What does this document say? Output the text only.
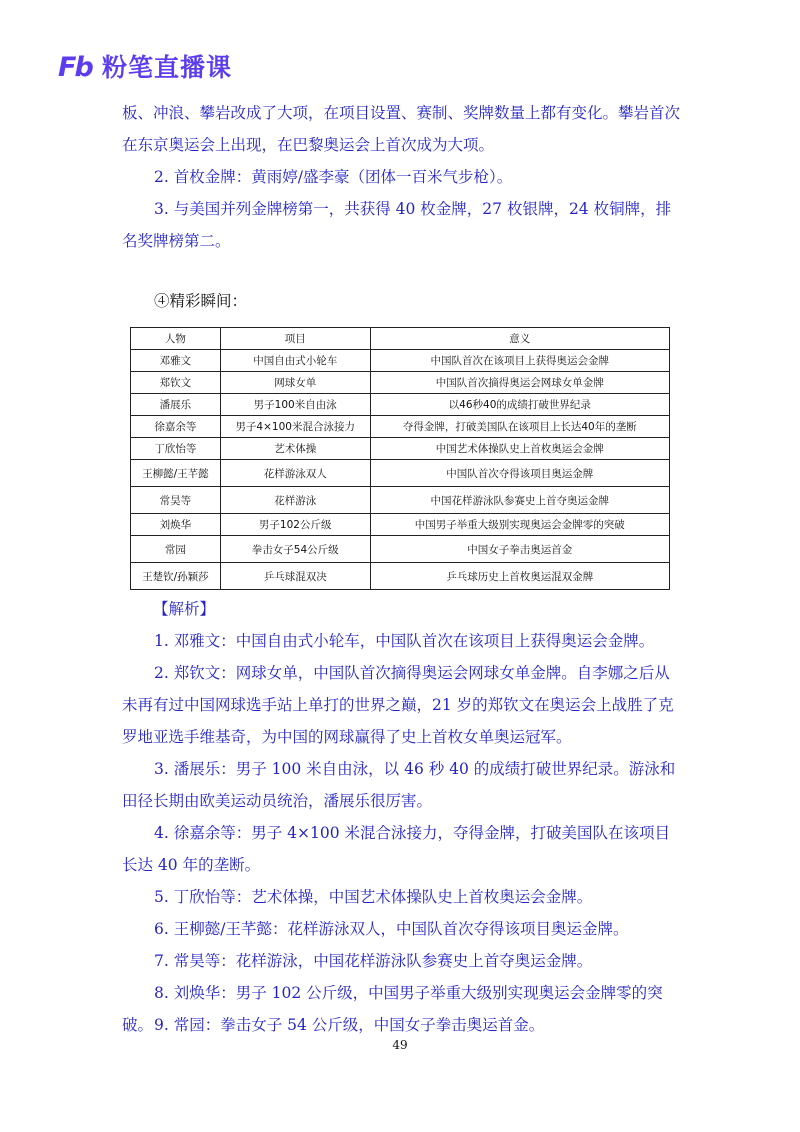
Fb 粉笔直播课

板、冲浪、攀岩改成了大项，在项目设置、赛制、奖牌数量上都有变化。攀岩首次在东京奥运会上出现，在巴黎奥运会上首次成为大项。

2. 首枚金牌：黄雨婷/盛李豪（团体一百米气步枪）。

3. 与美国并列金牌榜第一，共获得 40 枚金牌，27 枚银牌，24 枚铜牌，排名奖牌榜第二。

④精彩瞬间：

人物	项目	意义
邓雅文	中国自由式小轮车	中国队首次在该项目上获得奥运会金牌
郑钦文	网球女单	中国队首次摘得奥运会网球女单金牌
潘展乐	男子100米自由泳	以46秒40的成绩打破世界纪录
徐嘉余等	男子4×100米混合泳接力	夺得金牌，打破美国队在该项目上长达40年的垄断
丁欣怡等	艺术体操	中国艺术体操队史上首枚奥运会金牌
王柳懿/王芊懿	花样游泳双人	中国队首次夺得该项目奥运金牌
常昊等	花样游泳	中国花样游泳队参赛史上首夺奥运金牌
刘焕华	男子102公斤级	中国男子举重大级别实现奥运会金牌零的突破
常园	拳击女子54公斤级	中国女子拳击奥运首金
王楚钦/孙颖莎	乒乓球混双决	乒乓球历史上首枚奥运混双金牌

【解析】

1. 邓雅文：中国自由式小轮车，中国队首次在该项目上获得奥运会金牌。

2. 郑钦文：网球女单，中国队首次摘得奥运会网球女单金牌。自李娜之后从未再有过中国网球选手站上单打的世界之巅，21 岁的郑钦文在奥运会上战胜了克罗地亚选手维基奇，为中国的网球赢得了史上首枚女单奥运冠军。

3. 潘展乐：男子 100 米自由泳，以 46 秒 40 的成绩打破世界纪录。游泳和田径长期由欧美运动员统治，潘展乐很厉害。

4. 徐嘉余等：男子 4×100 米混合泳接力，夺得金牌，打破美国队在该项目长达 40 年的垄断。

5. 丁欣怡等：艺术体操，中国艺术体操队史上首枚奥运会金牌。

6. 王柳懿/王芊懿：花样游泳双人，中国队首次夺得该项目奥运金牌。

7. 常昊等：花样游泳，中国花样游泳队参赛史上首夺奥运金牌。

8. 刘焕华：男子 102 公斤级，中国男子举重大级别实现奥运会金牌零的突破。 9. 常园：拳击女子 54 公斤级，中国女子拳击奥运首金。

49
